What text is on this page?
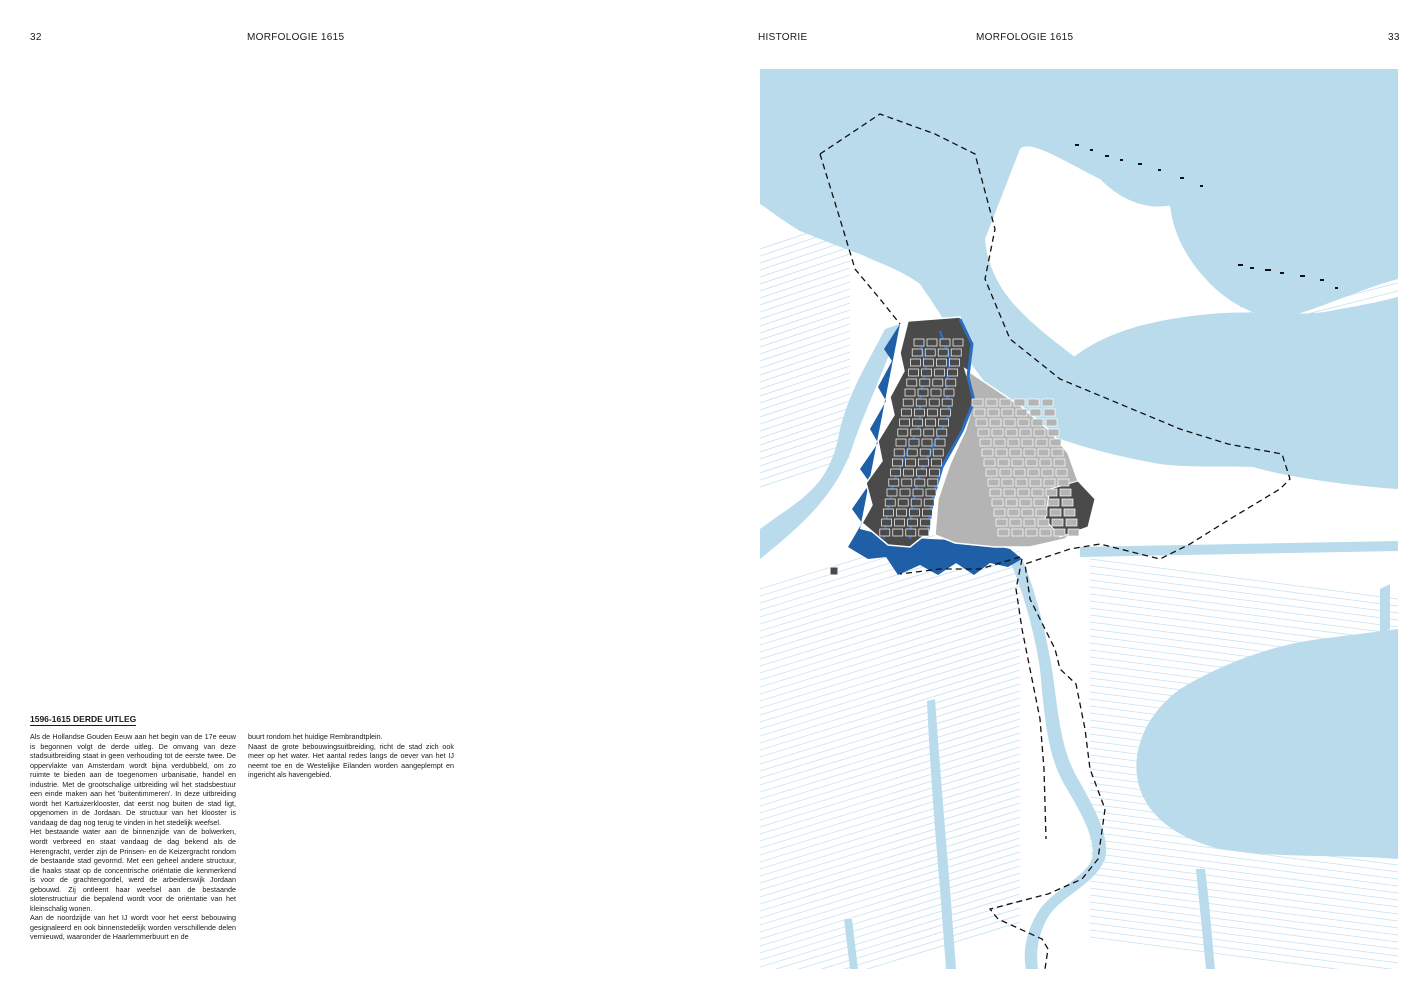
32	MORFOLOGIE 1615	HISTORIE	MORFOLOGIE 1615	33
1596-1615 DERDE UITLEG

Als de Hollandse Gouden Eeuw aan het begin van de 17e eeuw is begonnen volgt de derde uitleg. De omvang van deze stadsuitbreiding staat in geen verhouding tot de eerste twee. De oppervlakte van Amsterdam wordt bijna verdubbeld, om zo ruimte te bieden aan de toegenomen urbanisatie, handel en industrie. Met de grootschalige uitbreiding wil het stadsbestuur een einde maken aan het 'buitentimmeren'. In deze uitbreiding wordt het Kartuizerklooster, dat eerst nog buiten de stad ligt, opgenomen in de Jordaan. De structuur van het klooster is vandaag de dag nog terug te vinden in het stedelijk weefsel.

Het bestaande water aan de binnenzijde van de bolwerken, wordt verbreed en staat vandaag de dag bekend als de Herengracht, verder zijn de Prinsen- en de Keizergracht rondom de bestaande stad gevormd. Met een geheel andere structuur, die haaks staat op de concentrische oriëntatie die kenmerkend is voor de grachtengordel, werd de arbeiderswijk Jordaan gebouwd. Zij ontleent haar weefsel aan de bestaande slotenstructuur die bepalend wordt voor de oriëntatie van het kleinschalig wonen.

Aan de noordzijde van het IJ wordt voor het eerst bebouwing gesignaleerd en ook binnenstedelijk worden verschillende delen vernieuwd, waaronder de Haarlemmerbuurt en de

buurt rondom het huidige Rembrandtplein.

Naast de grote bebouwingsuitbreiding, richt de stad zich ook meer op het water. Het aantal redes langs de oever van het IJ neemt toe en de Westelijke Eilanden worden aangeplempt en ingericht als havengebied.
